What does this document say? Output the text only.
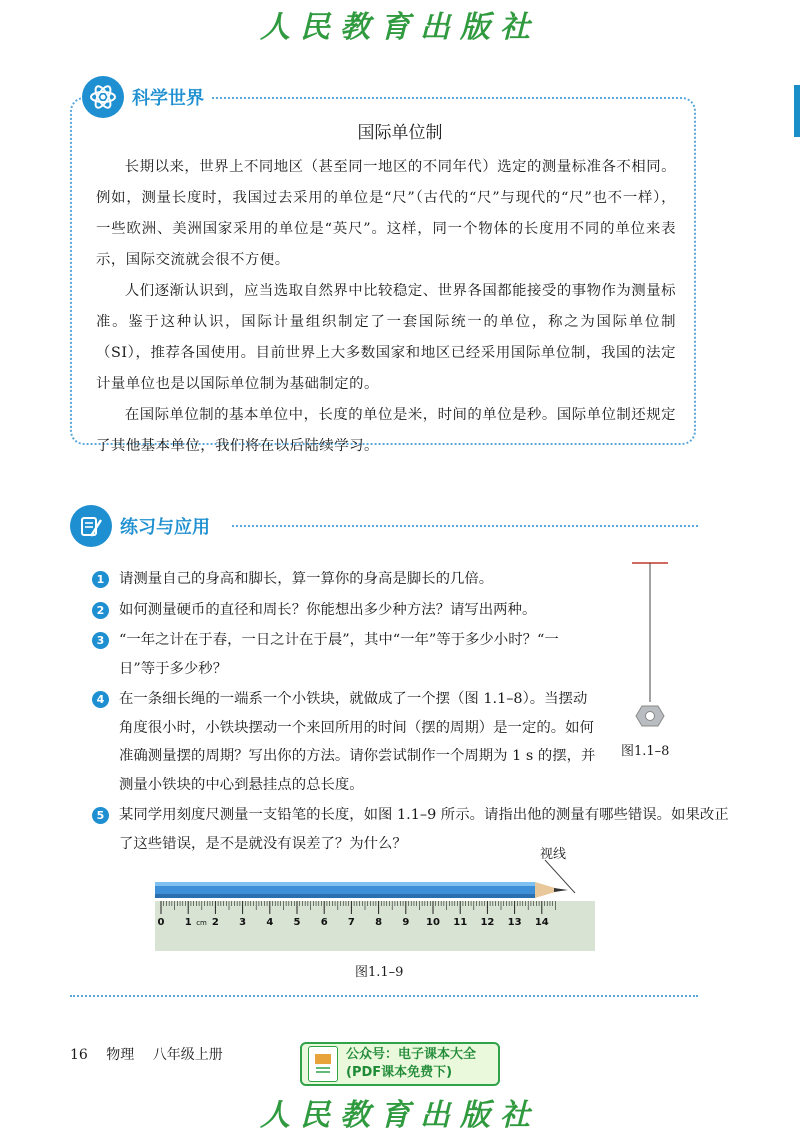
人民教育出版社
科学世界
国际单位制

长期以来，世界上不同地区（甚至同一地区的不同年代）选定的测量标准各不相同。例如，测量长度时，我国过去采用的单位是“尺”（古代的“尺”与现代的“尺”也不一样），一些欧洲、美洲国家采用的单位是“英尺”。这样，同一个物体的长度用不同的单位来表示，国际交流就会很不方便。

人们逐渐认识到，应当选取自然界中比较稳定、世界各国都能接受的事物作为测量标准。鉴于这种认识，国际计量组织制定了一套国际统一的单位，称之为国际单位制（SI），推荐各国使用。目前世界上大多数国家和地区已经采用国际单位制，我国的法定计量单位也是以国际单位制为基础制定的。

在国际单位制的基本单位中，长度的单位是米，时间的单位是秒。国际单位制还规定了其他基本单位，我们将在以后陆续学习。

练习与应用
1	请测量自己的身高和脚长，算一算你的身高是脚长的几倍。
2	如何测量硬币的直径和周长？你能想出多少种方法？请写出两种。
3	“一年之计在于春，一日之计在于晨”，其中“一年”等于多少小时？“一日”等于多少秒？
4	在一条细长绳的一端系一个小铁块，就做成了一个摆（图 1.1–8）。当摆动角度很小时，小铁块摆动一个来回所用的时间（摆的周期）是一定的。如何准确测量摆的周期？写出你的方法。请你尝试制作一个周期为 1 s 的摆，并测量小铁块的中心到悬挂点的总长度。
5	某同学用刻度尺测量一支铅笔的长度，如图 1.1–9 所示。请指出他的测量有哪些错误。如果改正了这些错误，是不是就没有误差了？为什么？
图1.1–8
视线
0 1 2 3 4 5 6 7 8 9 10 11 12 13 14
cm
图1.1–9
16 物理 八年级上册	公众号：电子课本大全
(PDF课本免费下)
人民教育出版社
